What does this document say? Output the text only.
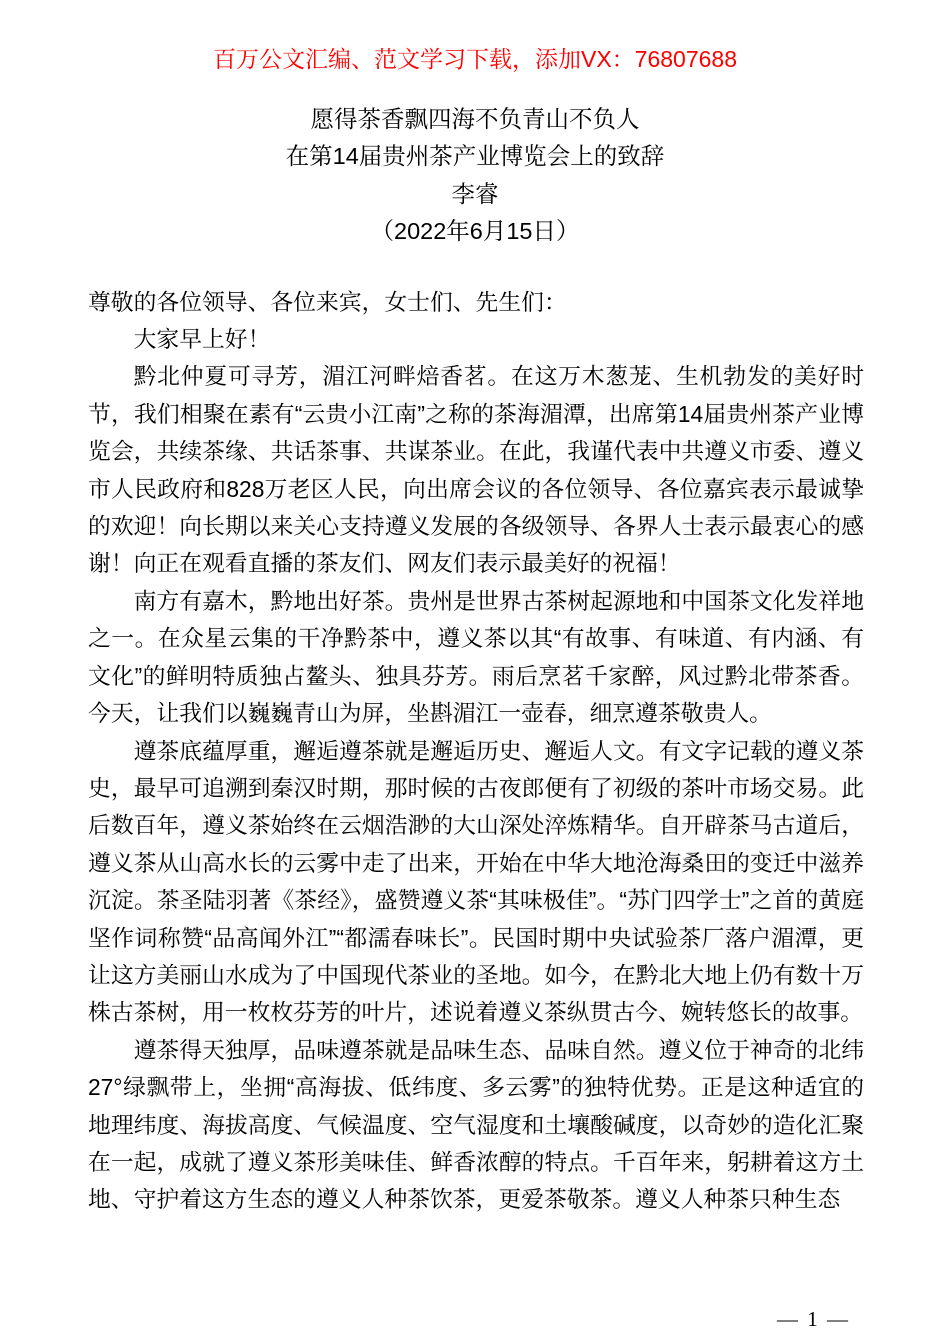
百万公文汇编、范文学习下载，添加VX：76807688

愿得茶香飘四海不负青山不负人

在第14届贵州茶产业博览会上的致辞

李睿

（2022年6月15日）

尊敬的各位领导、各位来宾，女士们、先生们：

大家早上好！

黔北仲夏可寻芳，湄江河畔焙香茗。在这万木葱茏、生机勃发的美好时节，我们相聚在素有“云贵小江南”之称的茶海湄潭，出席第14届贵州茶产业博览会，共续茶缘、共话茶事、共谋茶业。在此，我谨代表中共遵义市委、遵义市人民政府和828万老区人民，向出席会议的各位领导、各位嘉宾表示最诚挚的欢迎！向长期以来关心支持遵义发展的各级领导、各界人士表示最衷心的感谢！向正在观看直播的茶友们、网友们表示最美好的祝福！

南方有嘉木，黔地出好茶。贵州是世界古茶树起源地和中国茶文化发祥地之一。在众星云集的干净黔茶中，遵义茶以其“有故事、有味道、有内涵、有文化”的鲜明特质独占鳌头、独具芬芳。雨后烹茗千家醉，风过黔北带茶香。今天，让我们以巍巍青山为屏，坐斟湄江一壶春，细烹遵茶敬贵人。

遵茶底蕴厚重，邂逅遵茶就是邂逅历史、邂逅人文。有文字记载的遵义茶史，最早可追溯到秦汉时期，那时候的古夜郎便有了初级的茶叶市场交易。此后数百年，遵义茶始终在云烟浩渺的大山深处淬炼精华。自开辟茶马古道后，遵义茶从山高水长的云雾中走了出来，开始在中华大地沧海桑田的变迁中滋养沉淀。茶圣陆羽著《茶经》，盛赞遵义茶“其味极佳”。“苏门四学士”之首的黄庭坚作词称赞“品高闻外江”“都濡春味长”。民国时期中央试验茶厂落户湄潭，更让这方美丽山水成为了中国现代茶业的圣地。如今，在黔北大地上仍有数十万株古茶树，用一枚枚芬芳的叶片，述说着遵义茶纵贯古今、婉转悠长的故事。

遵茶得天独厚，品味遵茶就是品味生态、品味自然。遵义位于神奇的北纬27°绿飘带上，坐拥“高海拔、低纬度、多云雾”的独特优势。正是这种适宜的地理纬度、海拔高度、气候温度、空气湿度和土壤酸碱度，以奇妙的造化汇聚在一起，成就了遵义茶形美味佳、鲜香浓醇的特点。千百年来，躬耕着这方土地、守护着这方生态的遵义人种茶饮茶，更爱茶敬茶。遵义人种茶只种生态

— 1 —
